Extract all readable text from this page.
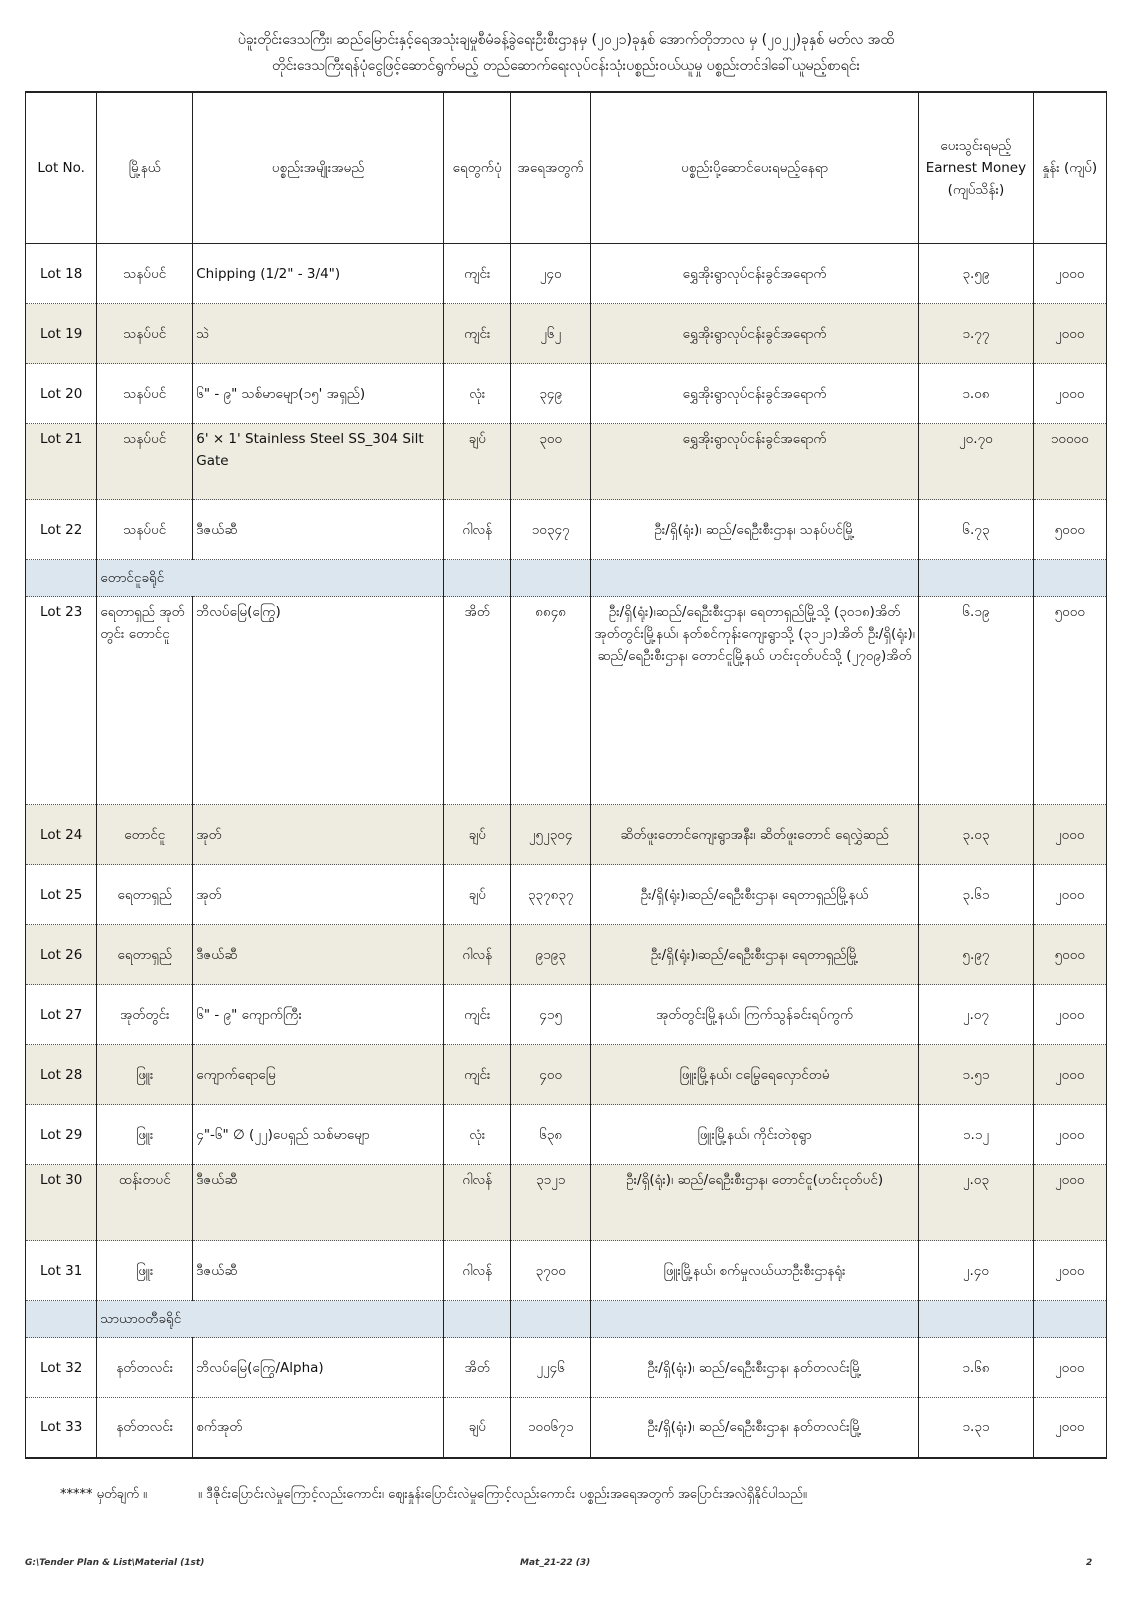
ပဲခူးတိုင်းဒေသကြီး၊ ဆည်မြောင်းနှင့်ရေအသုံးချမှုစီမံခန့်ခွဲရေးဦးစီးဌာနမှ (၂၀၂၁)ခုနှစ် အောက်တိုဘာလ မှ (၂၀၂၂)ခုနှစ် မတ်လ အထိ
တိုင်းဒေသကြီးရန်ပုံငွေဖြင့်ဆောင်ရွက်မည့် တည်ဆောက်ရေးလုပ်ငန်းသုံးပစ္စည်းဝယ်ယူမှု ပစ္စည်းတင်ဒါခေါ်ယူမည့်စာရင်း
Lot No.	မြို့နယ်	ပစ္စည်းအမျိုးအမည်	ရေတွက်ပုံ	အရေအတွက်	ပစ္စည်းပို့ဆောင်ပေးရမည့်နေရာ	ပေးသွင်းရမည့် Earnest Money (ကျပ်သိန်း)	နှုန်း (ကျပ်)
Lot 18	သနပ်ပင်	Chipping (1/2" - 3/4")	ကျင်း	၂၄၀	ရွှေအိုးရွာလုပ်ငန်းခွင်အရောက်	၃.၅၉	၂၀၀၀
Lot 19	သနပ်ပင်	သဲ	ကျင်း	၂၆၂	ရွှေအိုးရွာလုပ်ငန်းခွင်အရောက်	၁.၇၇	၂၀၀၀
Lot 20	သနပ်ပင်	၆" - ၉" သစ်မာမျော(၁၅' အရှည်)	လုံး	၃၄၉	ရွှေအိုးရွာလုပ်ငန်းခွင်အရောက်	၁.၀၈	၂၀၀၀
Lot 21	သနပ်ပင်	6' × 1' Stainless Steel SS_304 Silt Gate	ချပ်	၃၀၀	ရွှေအိုးရွာလုပ်ငန်းခွင်အရောက်	၂၀.၇၀	၁၀၀၀၀
Lot 22	သနပ်ပင်	ဒီဇယ်ဆီ	ဂါလန်	၁၀၃၄၇	ဦး/ရှိ(ရုံး)၊ ဆည်/ရေဦးစီးဌာန၊ သနပ်ပင်မြို့	၆.၇၃	၅၀၀၀
	တောင်ငူခရိုင်						
Lot 23	ရေတာရှည် အုတ်တွင်း တောင်ငူ	ဘိလပ်မြေ(ကြွေ)	အိတ်	၈၈၄၈	ဦး/ရှိ(ရုံး)၊ဆည်/ရေဦးစီးဌာန၊ ရေတာရှည်မြို့သို့ (၃၀၁၈)အိတ် အုတ်တွင်းမြို့နယ်၊ နတ်စင်ကုန်းကျေးရွာသို့ (၃၁၂၁)အိတ် ဦး/ရှိ(ရုံး)၊ဆည်/ရေဦးစီးဌာန၊ တောင်ငူမြို့နယ် ဟင်းငုတ်ပင်သို့ (၂၇၀၉)အိတ်	၆.၁၉	၅၀၀၀
Lot 24	တောင်ငူ	အုတ်	ချပ်	၂၅၂၃၀၄	ဆိတ်ဖူးတောင်ကျေးရွာအနီး၊ ဆိတ်ဖူးတောင် ရေလွှဲဆည်	၃.၀၃	၂၀၀၀
Lot 25	ရေတာရှည်	အုတ်	ချပ်	၃၃၇၈၃၇	ဦး/ရှိ(ရုံး)၊ဆည်/ရေဦးစီးဌာန၊ ရေတာရှည်မြို့နယ်	၃.၆၁	၂၀၀၀
Lot 26	ရေတာရှည်	ဒီဇယ်ဆီ	ဂါလန်	၉၁၉၃	ဦး/ရှိ(ရုံး)၊ဆည်/ရေဦးစီးဌာန၊ ရေတာရှည်မြို့	၅.၉၇	၅၀၀၀
Lot 27	အုတ်တွင်း	၆" - ၉" ကျောက်ကြီး	ကျင်း	၄၁၅	အုတ်တွင်းမြို့နယ်၊ ကြက်သွန်ခင်းရပ်ကွက်	၂.၀၇	၂၀၀၀
Lot 28	ဖြူး	ကျောက်ရောမြေ	ကျင်း	၄၀၀	ဖြူးမြို့နယ်၊ ငမြွေရေလှောင်တမံ	၁.၅၁	၂၀၀၀
Lot 29	ဖြူး	၄"-၆" ∅ (၂၂)ပေရှည် သစ်မာမျော	လုံး	၆၃၈	ဖြူးမြို့နယ်၊ ကိုင်းတဲစုရွာ	၁.၁၂	၂၀၀၀
Lot 30	ထန်းတပင်	ဒီဇယ်ဆီ	ဂါလန်	၃၁၂၁	ဦး/ရှိ(ရုံး)၊ ဆည်/ရေဦးစီးဌာန၊ တောင်ငူ(ဟင်းငုတ်ပင်)	၂.၀၃	၂၀၀၀
Lot 31	ဖြူး	ဒီဇယ်ဆီ	ဂါလန်	၃၇၀၀	ဖြူးမြို့နယ်၊ စက်မှုလယ်ယာဦးစီးဌာနရုံး	၂.၄၀	၂၀၀၀
	သာယာဝတီခရိုင်						
Lot 32	နတ်တလင်း	ဘိလပ်မြေ(ကြွေ/Alpha)	အိတ်	၂၂၄၆	ဦး/ရှိ(ရုံး)၊ ဆည်/ရေဦးစီးဌာန၊ နတ်တလင်းမြို့	၁.၆၈	၂၀၀၀
Lot 33	နတ်တလင်း	စက်အုတ်	ချပ်	၁၀၀၆၇၁	ဦး/ရှိ(ရုံး)၊ ဆည်/ရေဦးစီးဌာန၊ နတ်တလင်းမြို့	၁.၃၁	၂၀၀၀
***** မှတ်ချက် ။	။ ဒီဇိုင်းပြောင်းလဲမှုကြောင့်လည်းကောင်း၊ ဈေးနှုန်းပြောင်းလဲမှုကြောင့်လည်းကောင်း ပစ္စည်းအရေအတွက် အပြောင်းအလဲရှိနိုင်ပါသည်။
G:\Tender Plan & List\Material (1st)	Mat_21-22 (3)	2
